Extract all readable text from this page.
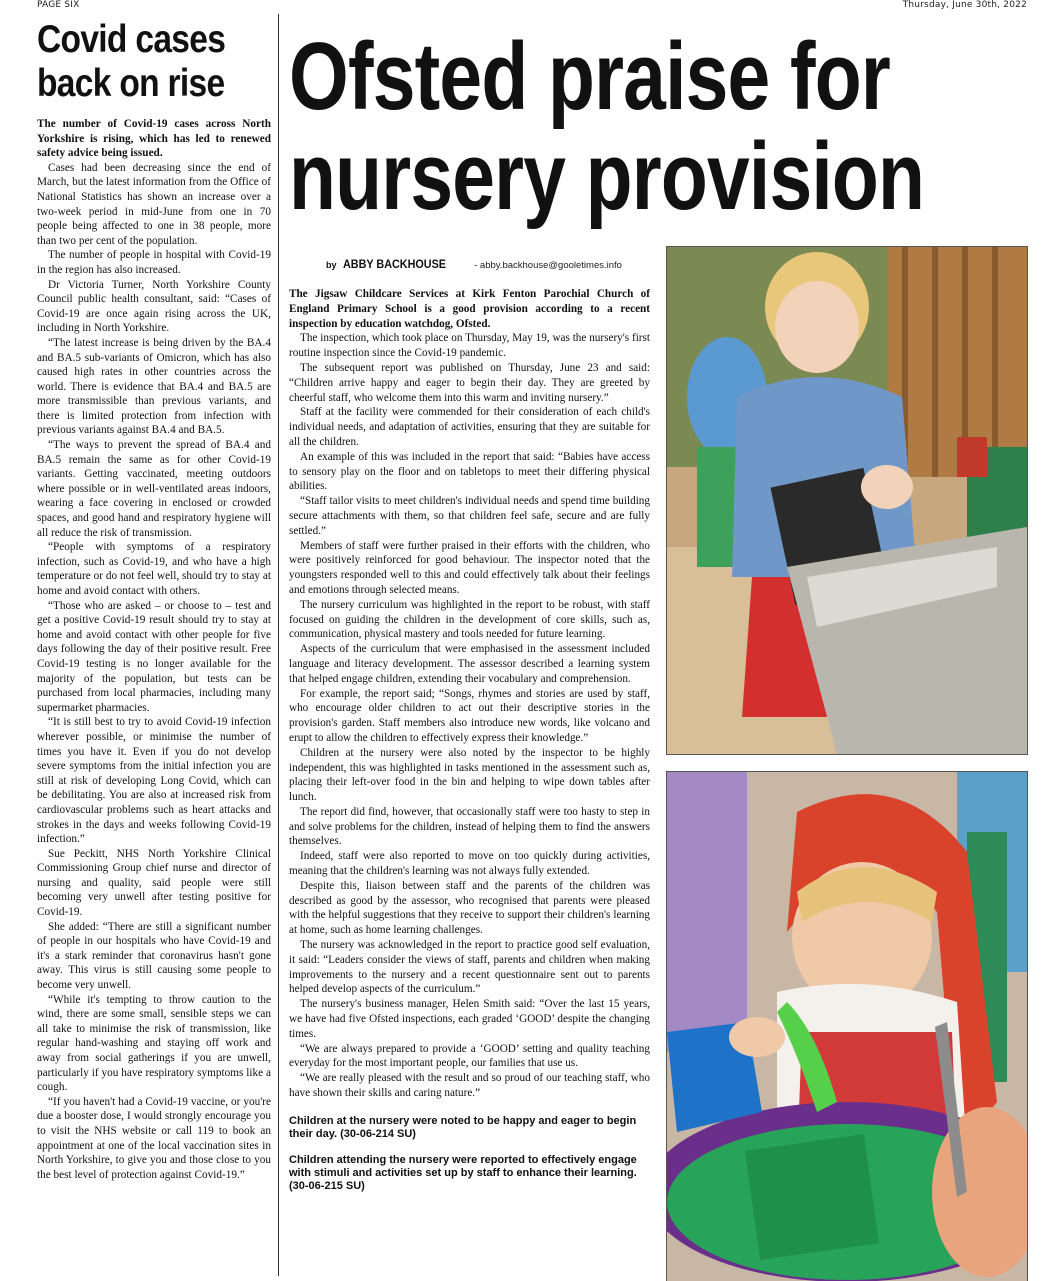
PAGE SIX	Thursday, June 30th, 2022
Covid cases
back on rise

The number of Covid-19 cases across North Yorkshire is rising, which has led to renewed safety advice being issued.

Cases had been decreasing since the end of March, but the latest information from the Office of National Statistics has shown an increase over a two-week period in mid-June from one in 70 people being affected to one in 38 people, more than two per cent of the population.

The number of people in hospital with Covid-19 in the region has also increased.

Dr Victoria Turner, North Yorkshire County Council public health consultant, said: “Cases of Covid-19 are once again rising across the UK, including in North Yorkshire.

“The latest increase is being driven by the BA.4 and BA.5 sub-variants of Omicron, which has also caused high rates in other countries across the world. There is evidence that BA.4 and BA.5 are more transmissible than previous variants, and there is limited protection from infection with previous variants against BA.4 and BA.5.

“The ways to prevent the spread of BA.4 and BA.5 remain the same as for other Covid-19 variants. Getting vaccinated, meeting outdoors where possible or in well-ventilated areas indoors, wearing a face covering in enclosed or crowded spaces, and good hand and respiratory hygiene will all reduce the risk of transmission.

“People with symptoms of a respiratory infection, such as Covid-19, and who have a high temperature or do not feel well, should try to stay at home and avoid contact with others.

“Those who are asked – or choose to – test and get a positive Covid-19 result should try to stay at home and avoid contact with other people for five days following the day of their positive result. Free Covid-19 testing is no longer available for the majority of the population, but tests can be purchased from local pharmacies, including many supermarket pharmacies.

“It is still best to try to avoid Covid-19 infection wherever possible, or minimise the number of times you have it. Even if you do not develop severe symptoms from the initial infection you are still at risk of developing Long Covid, which can be debilitating. You are also at increased risk from cardiovascular problems such as heart attacks and strokes in the days and weeks following Covid-19 infection.”

Sue Peckitt, NHS North Yorkshire Clinical Commissioning Group chief nurse and director of nursing and quality, said people were still becoming very unwell after testing positive for Covid-19.

She added: “There are still a significant number of people in our hospitals who have Covid-19 and it's a stark reminder that coronavirus hasn't gone away. This virus is still causing some people to become very unwell.

“While it's tempting to throw caution to the wind, there are some small, sensible steps we can all take to minimise the risk of transmission, like regular hand-washing and staying off work and away from social gatherings if you are unwell, particularly if you have respiratory symptoms like a cough.

“If you haven't had a Covid-19 vaccine, or you're due a booster dose, I would strongly encourage you to visit the NHS website or call 119 to book an appointment at one of the local vaccination sites in North Yorkshire, to give you and those close to you the best level of protection against Covid-19.”

Ofsted praise for
nursery provision
by ABBY BACKHOUSE	- abby.backhouse@gooletimes.info

The Jigsaw Childcare Services at Kirk Fenton Parochial Church of England Primary School is a good provision according to a recent inspection by education watchdog, Ofsted.

The inspection, which took place on Thursday, May 19, was the nursery's first routine inspection since the Covid-19 pandemic.

The subsequent report was published on Thursday, June 23 and said: “Children arrive happy and eager to begin their day. They are greeted by cheerful staff, who welcome them into this warm and inviting nursery.”

Staff at the facility were commended for their consideration of each child's individual needs, and adaptation of activities, ensuring that they are suitable for all the children.

An example of this was included in the report that said: “Babies have access to sensory play on the floor and on tabletops to meet their differing physical abilities.

“Staff tailor visits to meet children's individual needs and spend time building secure attachments with them, so that children feel safe, secure and are fully settled.”

Members of staff were further praised in their efforts with the children, who were positively reinforced for good behaviour. The inspector noted that the youngsters responded well to this and could effectively talk about their feelings and emotions through selected means.

The nursery curriculum was highlighted in the report to be robust, with staff focused on guiding the children in the development of core skills, such as, communication, physical mastery and tools needed for future learning.

Aspects of the curriculum that were emphasised in the assessment included language and literacy development. The assessor described a learning system that helped engage children, extending their vocabulary and comprehension.

For example, the report said; “Songs, rhymes and stories are used by staff, who encourage older children to act out their descriptive stories in the provision's garden. Staff members also introduce new words, like volcano and erupt to allow the children to effectively express their knowledge.”

Children at the nursery were also noted by the inspector to be highly independent, this was highlighted in tasks mentioned in the assessment such as, placing their left-over food in the bin and helping to wipe down tables after lunch.

The report did find, however, that occasionally staff were too hasty to step in and solve problems for the children, instead of helping them to find the answers themselves.

Indeed, staff were also reported to move on too quickly during activities, meaning that the children's learning was not always fully extended.

Despite this, liaison between staff and the parents of the children was described as good by the assessor, who recognised that parents were pleased with the helpful suggestions that they receive to support their children's learning at home, such as home learning challenges.

The nursery was acknowledged in the report to practice good self evaluation, it said: “Leaders consider the views of staff, parents and children when making improvements to the nursery and a recent questionnaire sent out to parents helped develop aspects of the curriculum.”

The nursery's business manager, Helen Smith said: “Over the last 15 years, we have had five Ofsted inspections, each graded ‘GOOD’ despite the changing times.

“We are always prepared to provide a ‘GOOD’ setting and quality teaching everyday for the most important people, our families that use us.

“We are really pleased with the result and so proud of our teaching staff, who have shown their skills and caring nature.”

Children at the nursery were noted to be happy and eager to begin their day. (30-06-214 SU)

Children attending the nursery were reported to effectively engage with stimuli and activities set up by staff to enhance their learning. (30-06-215 SU)
